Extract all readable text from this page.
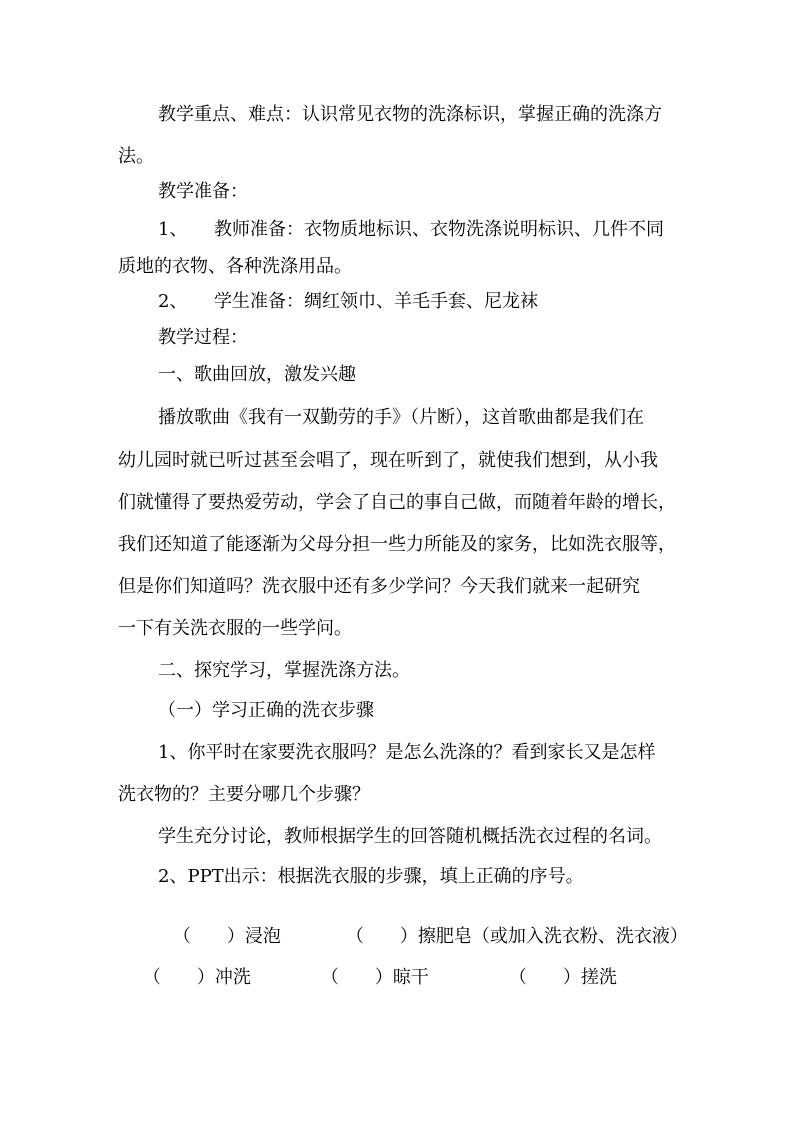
教学重点、难点：认识常见衣物的洗涤标识，掌握正确的洗涤方
法。
教学准备：
1、 教师准备：衣物质地标识、衣物洗涤说明标识、几件不同
质地的衣物、各种洗涤用品。
2、 学生准备：绸红领巾、羊毛手套、尼龙袜
教学过程：
一、歌曲回放，激发兴趣
播放歌曲《我有一双勤劳的手》（片断），这首歌曲都是我们在
幼儿园时就已听过甚至会唱了，现在听到了，就使我们想到，从小我
们就懂得了要热爱劳动，学会了自己的事自己做，而随着年龄的增长，
我们还知道了能逐渐为父母分担一些力所能及的家务，比如洗衣服等，
但是你们知道吗？洗衣服中还有多少学问？今天我们就来一起研究
一下有关洗衣服的一些学问。
二、探究学习，掌握洗涤方法。
（一）学习正确的洗衣步骤
1、你平时在家要洗衣服吗？是怎么洗涤的？看到家长又是怎样
洗衣物的？主要分哪几个步骤？
学生充分讨论，教师根据学生的回答随机概括洗衣过程的名词。
2、PPT出示：根据洗衣服的步骤，填上正确的序号。

（　　）浸泡
	（　　）擦肥皂（或加入洗衣粉、洗衣液）

（　　）冲洗
	（　　）晾干
	（　　）搓洗
